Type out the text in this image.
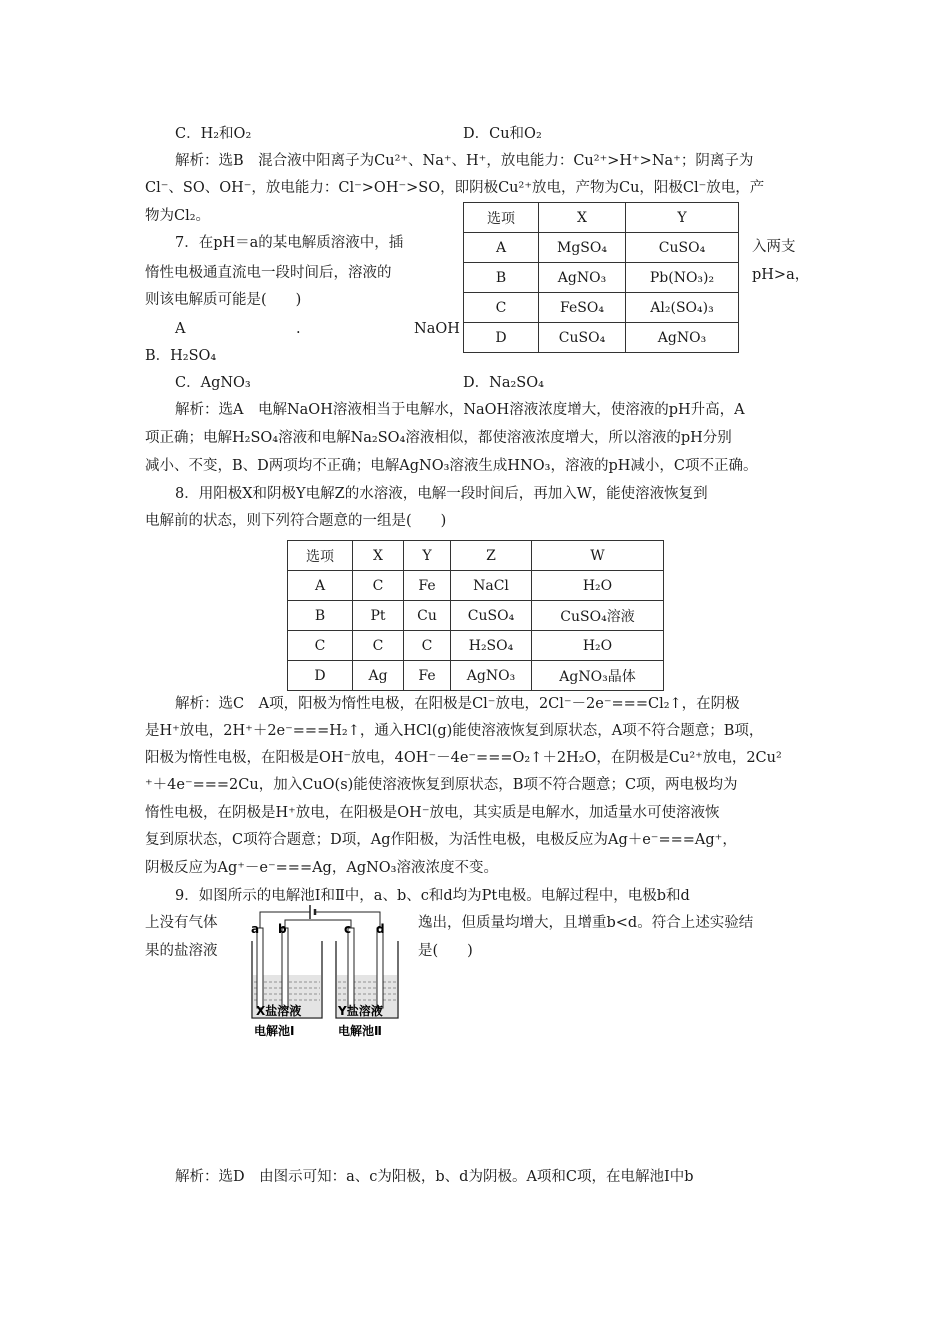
C．H₂和O₂	D．Cu和O₂
解析：选B　混合液中阳离子为Cu²⁺、Na⁺、H⁺，放电能力：Cu²⁺>H⁺>Na⁺；阴离子为
Cl⁻、SO、OH⁻，放电能力：Cl⁻>OH⁻>SO，即阴极Cu²⁺放电，产物为Cu，阳极Cl⁻放电，产
物为Cl₂。
7．在pH＝a的某电解质溶液中，插	入两支
惰性电极通直流电一段时间后，溶液的	pH>a，
则该电解质可能是(　　)
A	.	NaOH
B．H₂SO₄
选项	X	Y
A	MgSO₄	CuSO₄
B	AgNO₃	Pb(NO₃)₂
C	FeSO₄	Al₂(SO₄)₃
D	CuSO₄	AgNO₃
C．AgNO₃	D．Na₂SO₄
解析：选A　电解NaOH溶液相当于电解水，NaOH溶液浓度增大，使溶液的pH升高，A
项正确；电解H₂SO₄溶液和电解Na₂SO₄溶液相似，都使溶液浓度增大，所以溶液的pH分别
减小、不变，B、D两项均不正确；电解AgNO₃溶液生成HNO₃，溶液的pH减小，C项不正确。
8．用阳极X和阴极Y电解Z的水溶液，电解一段时间后，再加入W，能使溶液恢复到
电解前的状态，则下列符合题意的一组是(　　)
选项	X	Y	Z	W
A	C	Fe	NaCl	H₂O
B	Pt	Cu	CuSO₄	CuSO₄溶液
C	C	C	H₂SO₄	H₂O
D	Ag	Fe	AgNO₃	AgNO₃晶体
解析：选C　A项，阳极为惰性电极，在阳极是Cl⁻放电，2Cl⁻－2e⁻===Cl₂↑，在阴极
是H⁺放电，2H⁺＋2e⁻===H₂↑，通入HCl(g)能使溶液恢复到原状态，A项不符合题意；B项，
阳极为惰性电极，在阳极是OH⁻放电，4OH⁻－4e⁻===O₂↑＋2H₂O，在阴极是Cu²⁺放电，2Cu²
⁺＋4e⁻===2Cu，加入CuO(s)能使溶液恢复到原状态，B项不符合题意；C项，两电极均为
惰性电极，在阴极是H⁺放电，在阳极是OH⁻放电，其实质是电解水，加适量水可使溶液恢
复到原状态，C项符合题意；D项，Ag作阳极，为活性电极，电极反应为Ag＋e⁻===Ag⁺，
阴极反应为Ag⁺－e⁻===Ag，AgNO₃溶液浓度不变。
9．如图所示的电解池Ⅰ和Ⅱ中，a、b、c和d均为Pt电极。电解过程中，电极b和d
上没有气体	逸出，但质量均增大，且增重b<d。符合上述实验结
果的盐溶液	是(　　)
a b	c d
X盐溶液	Y盐溶液
电解池Ⅰ	电解池Ⅱ
解析：选D　由图示可知：a、c为阳极，b、d为阴极。A项和C项，在电解池Ⅰ中b
